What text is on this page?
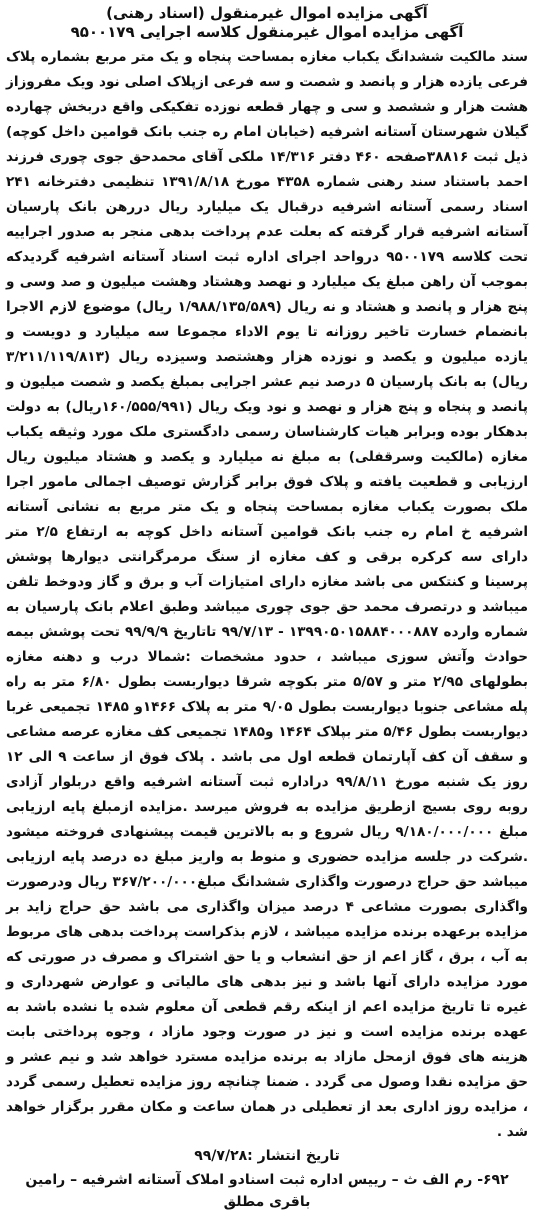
آگهی مزایده اموال غیرمنقول (اسناد رهنی)

آگهی مزایده اموال غیرمنقول کلاسه اجرایی ۹۵۰۰۱۷۹

سند مالکیت ششدانگ یکباب مغازه بمساحت پنجاه و یک متر مربع بشماره پلاک فرعی یازده هزار و پانصد و شصت و سه فرعی ازپلاک اصلی نود ویک مفروزاز هشت هزار و ششصد و سی و چهار قطعه نوزده تفکیکی واقع دربخش چهارده گیلان شهرستان آستانه اشرفیه (خیابان امام ره جنب بانک قوامین داخل کوچه) ذیل ثبت ۳۸۸۱۶صفحه ۴۶۰ دفتر ۱۴/۳۱۶ ملکی آقای محمدحق جوی چوری فرزند احمد باستناد سند رهنی شماره ۴۳۵۸ مورخ ۱۳۹۱/۸/۱۸ تنظیمی دفترخانه ۲۴۱ اسناد رسمی آستانه اشرفیه درقبال یک میلیارد ریال دررهن بانک پارسیان آستانه اشرفیه قرار گرفته که بعلت عدم پرداخت بدهی منجر به صدور اجراییه تحت کلاسه ۹۵۰۰۱۷۹ درواحد اجرای اداره ثبت اسناد آستانه اشرفیه گردیدکه بموجب آن راهن مبلغ یک میلیارد و نهصد وهشتاد وهشت میلیون و صد وسی و پنج هزار و پانصد و هشتاد و نه ریال (۱/۹۸۸/۱۳۵/۵۸۹ ریال) موضوع لازم الاجرا بانضمام خسارت تاخیر روزانه تا یوم الاداء مجموعا سه میلیارد و دویست و یازده میلیون و یکصد و نوزده هزار وهشتصد وسیزده ریال (۳/۲۱۱/۱۱۹/۸۱۳ ریال) به بانک پارسیان ۵ درصد نیم عشر اجرایی بمبلغ یکصد و شصت میلیون و پانصد و پنجاه و پنج هزار و نهصد و نود ویک ریال (۱۶۰/۵۵۵/۹۹۱ریال) به دولت بدهکار بوده وبرابر هیات کارشناسان رسمی دادگستری ملک مورد وثیقه یکباب مغازه (مالکیت وسرقفلی) به مبلغ نه میلیارد و یکصد و هشتاد میلیون ریال ارزیابی و قطعیت یافته و پلاک فوق برابر گزارش توصیف اجمالی مامور اجرا ملک بصورت یکباب مغازه بمساحت پنجاه و یک متر مربع به نشانی آستانه اشرفیه خ امام ره جنب بانک قوامین آستانه داخل کوچه به ارتفاع ۲/۵ متر دارای سه کرکره برقی و کف مغازه از سنگ مرمرگرانتی دیوارها پوشش پرسینا و کنتکس می باشد مغازه دارای امتیازات آب و برق و گاز ودوخط تلفن میباشد و درتصرف محمد حق جوی چوری میباشد وطبق اعلام بانک پارسیان به شماره وارده ۱۳۹۹۰۵۰۱۵۸۸۴۰۰۰۸۸۷ - ۹۹/۷/۱۳ تاتاریخ ۹۹/۹/۹ تحت پوشش بیمه حوادث وآتش سوزی میباشد ، حدود مشخصات :شمالا درب و دهنه مغازه بطولهای ۲/۹۵ متر و ۵/۵۷ متر بکوچه شرقا دیواربست بطول ۶/۸۰ متر به راه پله مشاعی جنوبا دیواربست بطول ۹/۰۵ متر به پلاک ۱۴۶۶و ۱۴۸۵ تجمیعی غربا دیواربست بطول ۵/۴۶ متر بپلاک ۱۴۶۴ و۱۴۸۵ تجمیعی کف مغازه عرصه مشاعی و سقف آن کف آپارتمان قطعه اول می باشد . پلاک فوق از ساعت ۹ الی ۱۲ روز یک شنبه مورخ ۹۹/۸/۱۱ دراداره ثبت آستانه اشرفیه واقع دربلوار آزادی روبه روی بسیج ازطریق مزایده به فروش میرسد .مزایده ازمبلغ پایه ارزیابی مبلغ ۹/۱۸۰/۰۰۰/۰۰۰ ریال شروع و به بالاترین قیمت پیشنهادی فروخته میشود .شرکت در جلسه مزایده حضوری و منوط به واریز مبلغ ده درصد پایه ارزیابی میباشد حق حراج درصورت واگذاری ششدانگ مبلغ۳۶۷/۲۰۰/۰۰۰ ریال ودرصورت واگذاری بصورت مشاعی ۴ درصد میزان واگذاری می باشد حق حراج زاید بر مزایده برعهده برنده مزایده میباشد ، لازم بذکراست پرداخت بدهی های مربوط به آب ، برق ، گاز اعم از حق انشعاب و یا حق اشتراک و مصرف در صورتی که مورد مزایده دارای آنها باشد و نیز بدهی های مالیاتی و عوارض شهرداری و غیره تا تاریخ مزایده اعم از اینکه رقم قطعی آن معلوم شده یا نشده باشد به عهده برنده مزایده است و نیز در صورت وجود مازاد ، وجوه پرداختی بابت هزینه های فوق ازمحل مازاد به برنده مزایده مسترد خواهد شد و نیم عشر و حق مزایده نقدا وصول می گردد . ضمنا چنانچه روز مزایده تعطیل رسمی گردد ، مزایده روز اداری بعد از تعطیلی در همان ساعت و مکان مقرر برگزار خواهد شد .

تاریخ انتشار :۹۹/۷/۲۸

۶۹۲- رم الف ث – رییس اداره ثبت اسنادو املاک آستانه اشرفیه – رامین باقری مطلق
